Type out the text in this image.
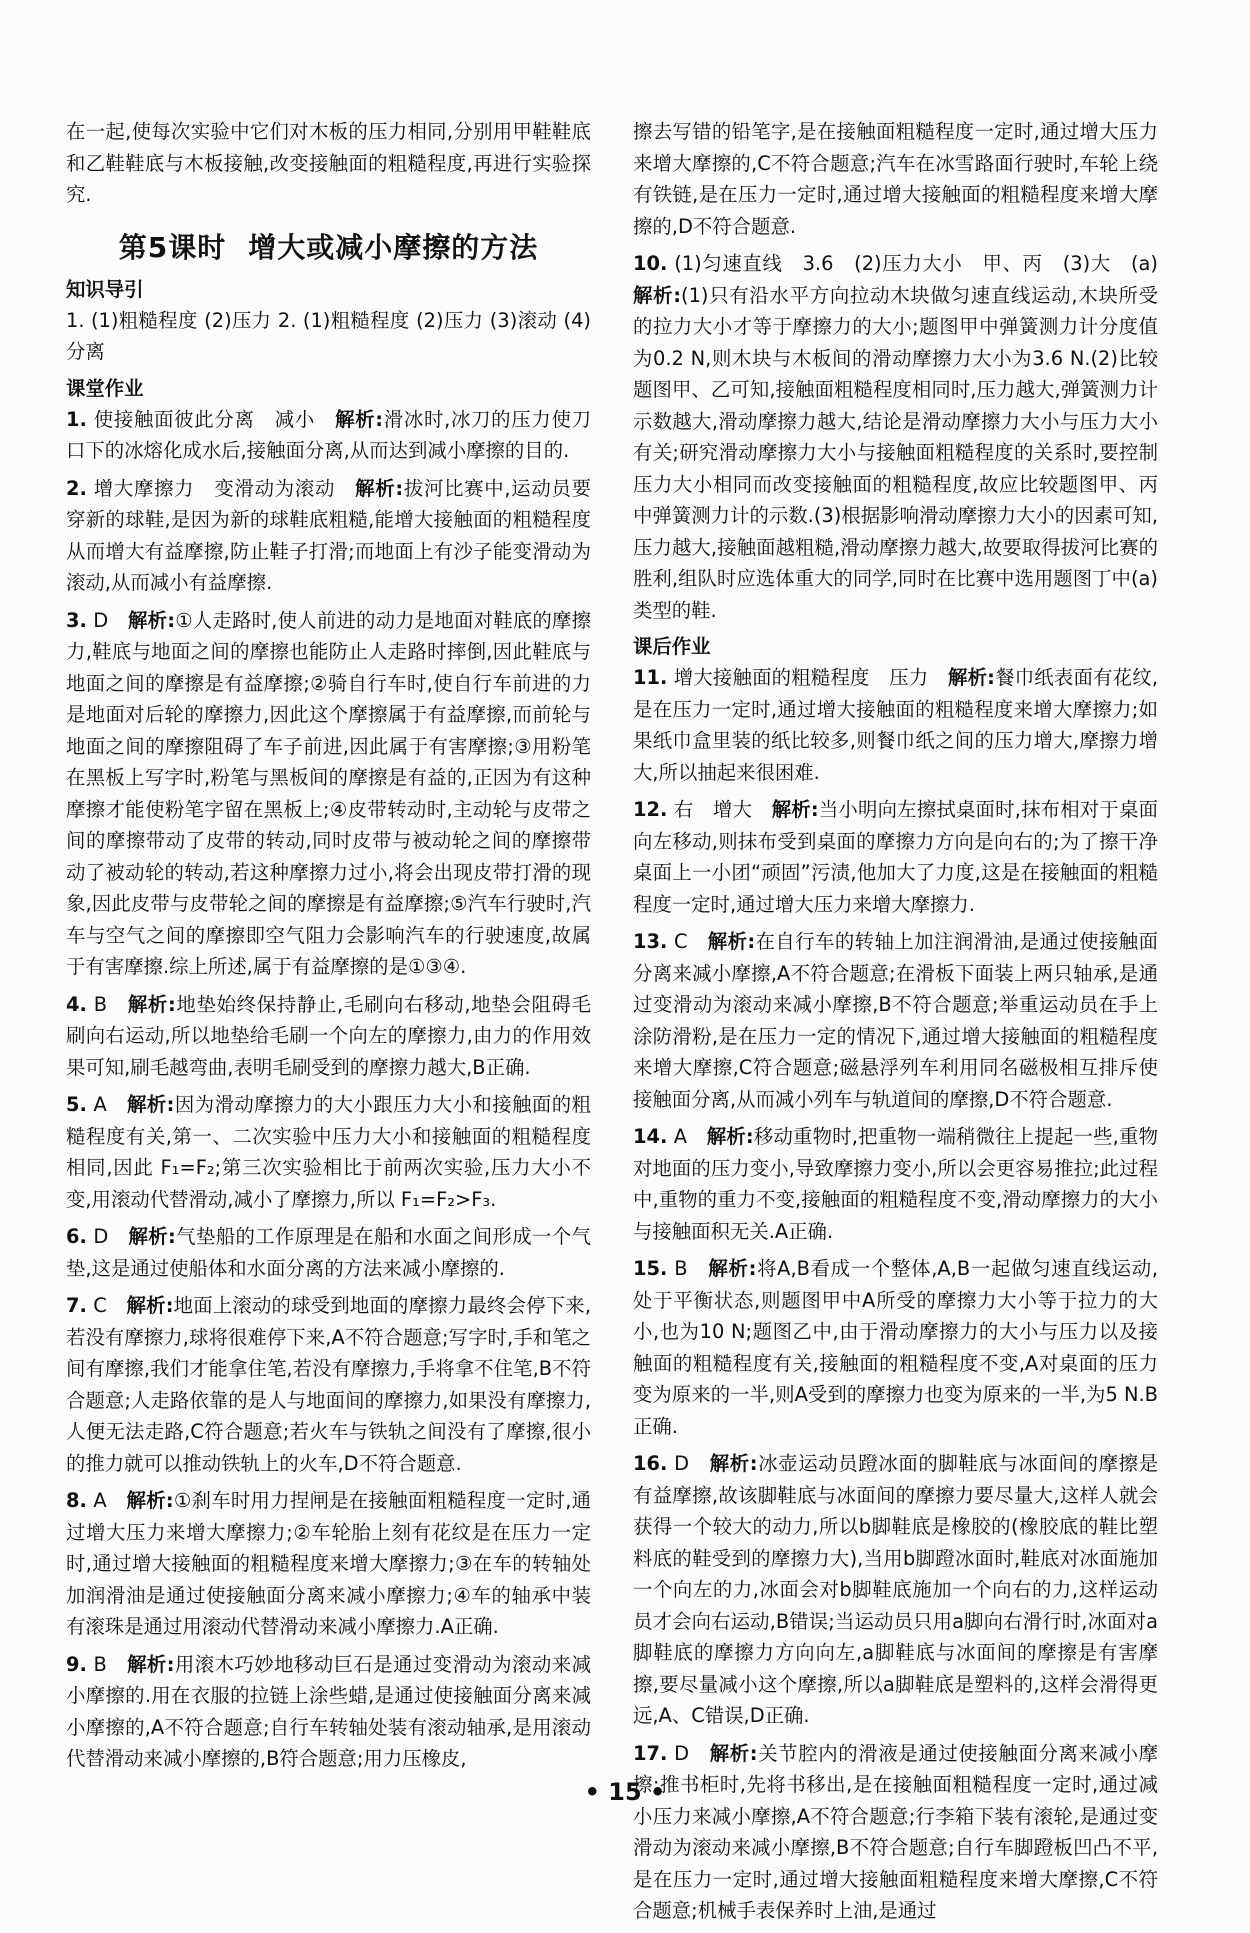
在一起,使每次实验中它们对木板的压力相同,分别用甲鞋鞋底和乙鞋鞋底与木板接触,改变接触面的粗糙程度,再进行实验探究.

第5课时 增大或减小摩擦的方法
知识导引

1. (1)粗糙程度 (2)压力 2. (1)粗糙程度 (2)压力 (3)滚动 (4)分离

课堂作业

1. 使接触面彼此分离　减小　 解析:滑冰时,冰刀的压力使刀口下的冰熔化成水后,接触面分离,从而达到减小摩擦的目的.

2. 增大摩擦力　变滑动为滚动　 解析:拔河比赛中,运动员要穿新的球鞋,是因为新的球鞋底粗糙,能增大接触面的粗糙程度从而增大有益摩擦,防止鞋子打滑;而地面上有沙子能变滑动为滚动,从而减小有益摩擦.

3. D　 解析:①人走路时,使人前进的动力是地面对鞋底的摩擦力,鞋底与地面之间的摩擦也能防止人走路时摔倒,因此鞋底与地面之间的摩擦是有益摩擦;②骑自行车时,使自行车前进的力是地面对后轮的摩擦力,因此这个摩擦属于有益摩擦,而前轮与地面之间的摩擦阻碍了车子前进,因此属于有害摩擦;③用粉笔在黑板上写字时,粉笔与黑板间的摩擦是有益的,正因为有这种摩擦才能使粉笔字留在黑板上;④皮带转动时,主动轮与皮带之间的摩擦带动了皮带的转动,同时皮带与被动轮之间的摩擦带动了被动轮的转动,若这种摩擦力过小,将会出现皮带打滑的现象,因此皮带与皮带轮之间的摩擦是有益摩擦;⑤汽车行驶时,汽车与空气之间的摩擦即空气阻力会影响汽车的行驶速度,故属于有害摩擦.综上所述,属于有益摩擦的是①③④.

4. B　 解析:地垫始终保持静止,毛刷向右移动,地垫会阻碍毛刷向右运动,所以地垫给毛刷一个向左的摩擦力,由力的作用效果可知,刷毛越弯曲,表明毛刷受到的摩擦力越大,B正确.

5. A　 解析:因为滑动摩擦力的大小跟压力大小和接触面的粗糙程度有关,第一、二次实验中压力大小和接触面的粗糙程度相同,因此 F₁=F₂;第三次实验相比于前两次实验,压力大小不变,用滚动代替滑动,减小了摩擦力,所以 F₁=F₂>F₃.

6. D　 解析:气垫船的工作原理是在船和水面之间形成一个气垫,这是通过使船体和水面分离的方法来减小摩擦的.

7. C　 解析:地面上滚动的球受到地面的摩擦力最终会停下来,若没有摩擦力,球将很难停下来,A不符合题意;写字时,手和笔之间有摩擦,我们才能拿住笔,若没有摩擦力,手将拿不住笔,B不符合题意;人走路依靠的是人与地面间的摩擦力,如果没有摩擦力,人便无法走路,C符合题意;若火车与铁轨之间没有了摩擦,很小的推力就可以推动铁轨上的火车,D不符合题意.

8. A　 解析:①刹车时用力捏闸是在接触面粗糙程度一定时,通过增大压力来增大摩擦力;②车轮胎上刻有花纹是在压力一定时,通过增大接触面的粗糙程度来增大摩擦力;③在车的转轴处加润滑油是通过使接触面分离来减小摩擦力;④车的轴承中装有滚珠是通过用滚动代替滑动来减小摩擦力.A正确.

9. B　 解析:用滚木巧妙地移动巨石是通过变滑动为滚动来减小摩擦的.用在衣服的拉链上涂些蜡,是通过使接触面分离来减小摩擦的,A不符合题意;自行车转轴处装有滚动轴承,是用滚动代替滑动来减小摩擦的,B符合题意;用力压橡皮,

擦去写错的铅笔字,是在接触面粗糙程度一定时,通过增大压力来增大摩擦的,C不符合题意;汽车在冰雪路面行驶时,车轮上绕有铁链,是在压力一定时,通过增大接触面的粗糙程度来增大摩擦的,D不符合题意.

10. (1)匀速直线　3.6　(2)压力大小　甲、丙　(3)大　(a) 解析:(1)只有沿水平方向拉动木块做匀速直线运动,木块所受的拉力大小才等于摩擦力的大小;题图甲中弹簧测力计分度值为0.2 N,则木块与木板间的滑动摩擦力大小为3.6 N.(2)比较题图甲、乙可知,接触面粗糙程度相同时,压力越大,弹簧测力计示数越大,滑动摩擦力越大,结论是滑动摩擦力大小与压力大小有关;研究滑动摩擦力大小与接触面粗糙程度的关系时,要控制压力大小相同而改变接触面的粗糙程度,故应比较题图甲、丙中弹簧测力计的示数.(3)根据影响滑动摩擦力大小的因素可知,压力越大,接触面越粗糙,滑动摩擦力越大,故要取得拔河比赛的胜利,组队时应选体重大的同学,同时在比赛中选用题图丁中(a)类型的鞋.

课后作业

11. 增大接触面的粗糙程度　压力　 解析:餐巾纸表面有花纹,是在压力一定时,通过增大接触面的粗糙程度来增大摩擦力;如果纸巾盒里装的纸比较多,则餐巾纸之间的压力增大,摩擦力增大,所以抽起来很困难.

12. 右　增大　 解析:当小明向左擦拭桌面时,抹布相对于桌面向左移动,则抹布受到桌面的摩擦力方向是向右的;为了擦干净桌面上一小团“顽固”污渍,他加大了力度,这是在接触面的粗糙程度一定时,通过增大压力来增大摩擦力.

13. C　 解析:在自行车的转轴上加注润滑油,是通过使接触面分离来减小摩擦,A不符合题意;在滑板下面装上两只轴承,是通过变滑动为滚动来减小摩擦,B不符合题意;举重运动员在手上涂防滑粉,是在压力一定的情况下,通过增大接触面的粗糙程度来增大摩擦,C符合题意;磁悬浮列车利用同名磁极相互排斥使接触面分离,从而减小列车与轨道间的摩擦,D不符合题意.

14. A　 解析:移动重物时,把重物一端稍微往上提起一些,重物对地面的压力变小,导致摩擦力变小,所以会更容易推拉;此过程中,重物的重力不变,接触面的粗糙程度不变,滑动摩擦力的大小与接触面积无关.A正确.

15. B　 解析:将A,B看成一个整体,A,B一起做匀速直线运动,处于平衡状态,则题图甲中A所受的摩擦力大小等于拉力的大小,也为10 N;题图乙中,由于滑动摩擦力的大小与压力以及接触面的粗糙程度有关,接触面的粗糙程度不变,A对桌面的压力变为原来的一半,则A受到的摩擦力也变为原来的一半,为5 N.B正确.

16. D　 解析:冰壶运动员蹬冰面的脚鞋底与冰面间的摩擦是有益摩擦,故该脚鞋底与冰面间的摩擦力要尽量大,这样人就会获得一个较大的动力,所以b脚鞋底是橡胶的(橡胶底的鞋比塑料底的鞋受到的摩擦力大),当用b脚蹬冰面时,鞋底对冰面施加一个向左的力,冰面会对b脚鞋底施加一个向右的力,这样运动员才会向右运动,B错误;当运动员只用a脚向右滑行时,冰面对a脚鞋底的摩擦力方向向左,a脚鞋底与冰面间的摩擦是有害摩擦,要尽量减小这个摩擦,所以a脚鞋底是塑料的,这样会滑得更远,A、C错误,D正确.

17. D　 解析:关节腔内的滑液是通过使接触面分离来减小摩擦;推书柜时,先将书移出,是在接触面粗糙程度一定时,通过减小压力来减小摩擦,A不符合题意;行李箱下装有滚轮,是通过变滑动为滚动来减小摩擦,B不符合题意;自行车脚蹬板凹凸不平,是在压力一定时,通过增大接触面粗糙程度来增大摩擦,C不符合题意;机械手表保养时上油,是通过

• 15 •
